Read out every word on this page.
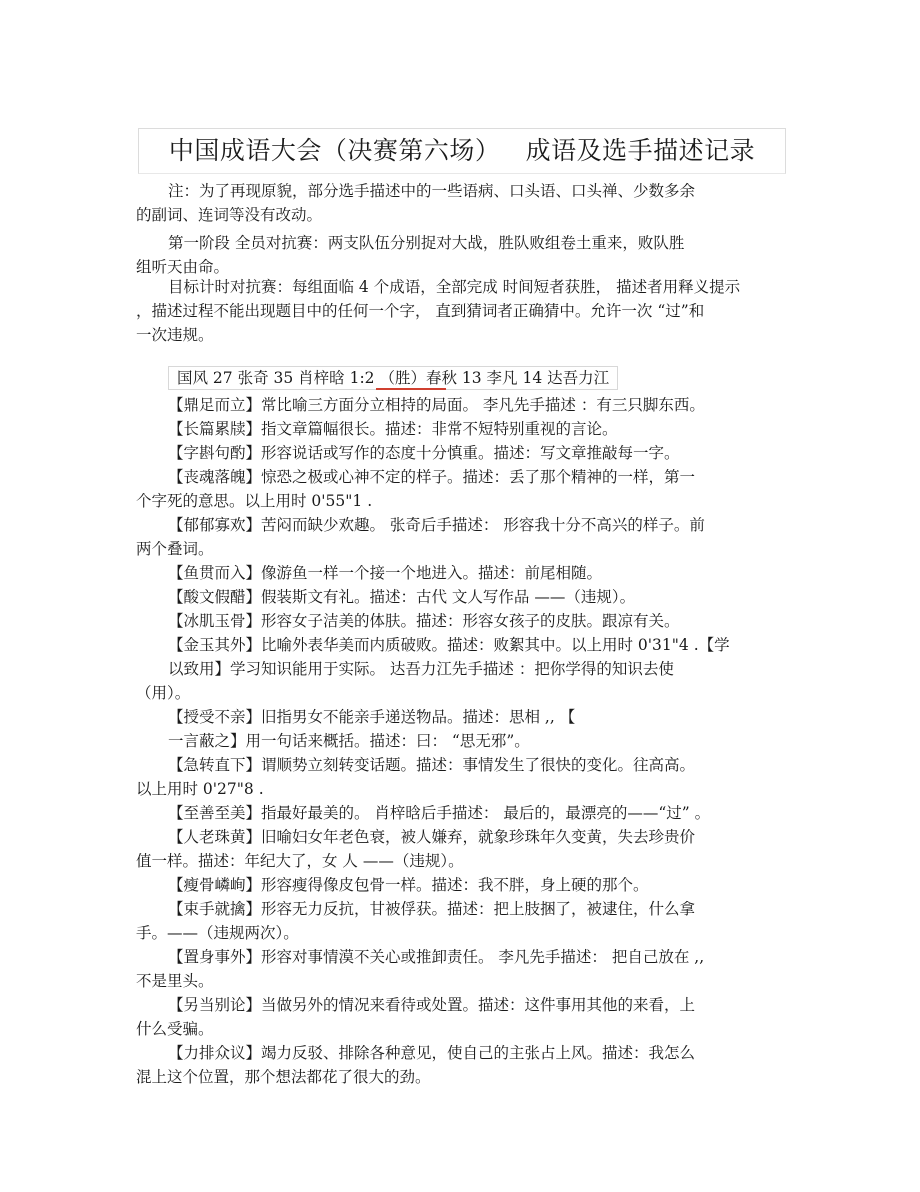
中国成语大会（决赛第六场） 成语及选手描述记录
注：为了再现原貌，部分选手描述中的一些语病、口头语、口头禅、少数多余
的副词、连词等没有改动。
第一阶段 全员对抗赛：两支队伍分别捉对大战，胜队败组卷土重来，败队胜
组听天由命。
目标计时对抗赛：每组面临 4 个成语，全部完成 时间短者获胜， 描述者用释义提示
，描述过程不能出现题目中的任何一个字， 直到猜词者正确猜中。允许一次 “过”和
一次违规。
国风 27 张奇 35 肖梓晗 1:2 （胜）春秋 13 李凡 14 达吾力江
【鼎足而立】常比喻三方面分立相持的局面。 李凡先手描述 ：有三只脚东西。
【长篇累牍】指文章篇幅很长。描述：非常不短特别重视的言论。
【字斟句酌】形容说话或写作的态度十分慎重。描述：写文章推敲每一字。
【丧魂落魄】惊恐之极或心神不定的样子。描述：丢了那个精神的一样，第一
个字死的意思。以上用时 0'55"1 .
【郁郁寡欢】苦闷而缺少欢趣。 张奇后手描述： 形容我十分不高兴的样子。前
两个叠词。
【鱼贯而入】像游鱼一样一个接一个地进入。描述：前尾相随。
【酸文假醋】假装斯文有礼。描述：古代 文人写作品 ——（违规）。
【冰肌玉骨】形容女子洁美的体肤。描述：形容女孩子的皮肤。跟凉有关。
【金玉其外】比喻外表华美而内质破败。描述：败絮其中。以上用时 0'31"4 .【学
以致用】学习知识能用于实际。 达吾力江先手描述 ：把你学得的知识去使
（用）。
【授受不亲】旧指男女不能亲手递送物品。描述：思相 ,, 【
一言蔽之】用一句话来概括。描述：曰： “思无邪”。
【急转直下】谓顺势立刻转变话题。描述：事情发生了很快的变化。往高高。
以上用时 0'27"8 .
【至善至美】指最好最美的。 肖梓晗后手描述： 最后的，最漂亮的——“过” 。
【人老珠黄】旧喻妇女年老色衰，被人嫌弃，就象珍珠年久变黄，失去珍贵价
值一样。描述：年纪大了，女 人 ——（违规）。
【瘦骨嶙峋】形容瘦得像皮包骨一样。描述：我不胖，身上硬的那个。
【束手就擒】形容无力反抗，甘被俘获。描述：把上肢捆了，被逮住，什么拿
手。——（违规两次）。
【置身事外】形容对事情漠不关心或推卸责任。 李凡先手描述： 把自己放在 ,,
不是里头。
【另当别论】当做另外的情况来看待或处置。描述：这件事用其他的来看，上
什么受骗。
【力排众议】竭力反驳、排除各种意见，使自己的主张占上风。描述：我怎么
混上这个位置，那个想法都花了很大的劲。
